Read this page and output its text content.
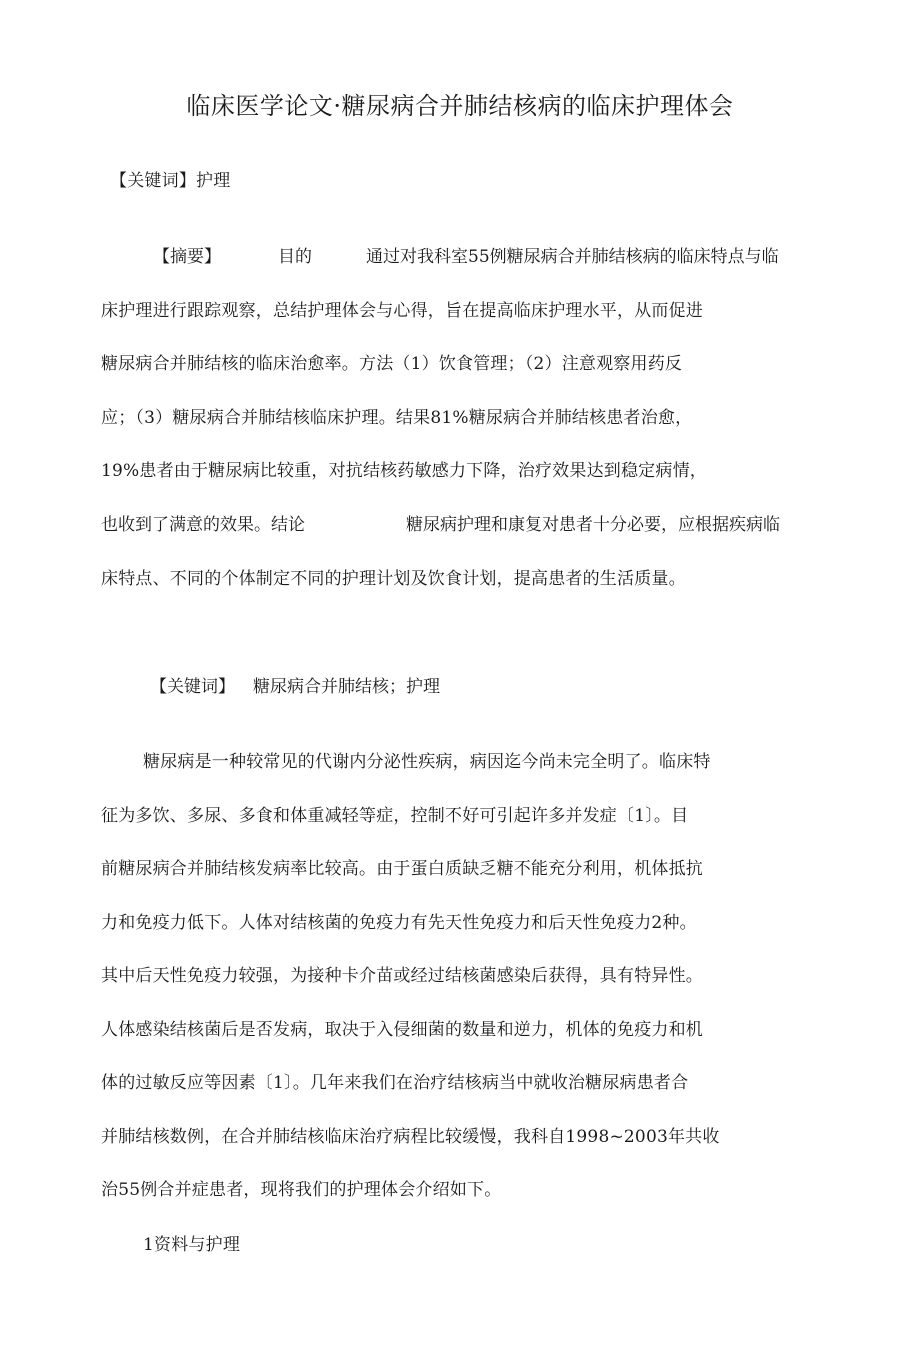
临床医学论文·糖尿病合并肺结核病的临床护理体会
【关键词】护理
【摘要】	目的	通过对我科室55例糖尿病合并肺结核病的临床特点与临
床护理进行跟踪观察，总结护理体会与心得，旨在提高临床护理水平，从而促进
糖尿病合并肺结核的临床治愈率。方法（1）饮食管理；（2）注意观察用药反
应；（3）糖尿病合并肺结核临床护理。结果81%糖尿病合并肺结核患者治愈，
19%患者由于糖尿病比较重，对抗结核药敏感力下降，治疗效果达到稳定病情，
也收到了满意的效果。结论	糖尿病护理和康复对患者十分必要，应根据疾病临
床特点、不同的个体制定不同的护理计划及饮食计划，提高患者的生活质量。
【关键词】 糖尿病合并肺结核；护理
糖尿病是一种较常见的代谢内分泌性疾病，病因迄今尚未完全明了。临床特
征为多饮、多尿、多食和体重减轻等症，控制不好可引起许多并发症〔1〕。目
前糖尿病合并肺结核发病率比较高。由于蛋白质缺乏糖不能充分利用，机体抵抗
力和免疫力低下。人体对结核菌的免疫力有先天性免疫力和后天性免疫力2种。
其中后天性免疫力较强，为接种卡介苗或经过结核菌感染后获得，具有特异性。
人体感染结核菌后是否发病，取决于入侵细菌的数量和逆力，机体的免疫力和机
体的过敏反应等因素〔1〕。几年来我们在治疗结核病当中就收治糖尿病患者合
并肺结核数例，在合并肺结核临床治疗病程比较缓慢，我科自1998~2003年共收
治55例合并症患者，现将我们的护理体会介绍如下。
1资料与护理
